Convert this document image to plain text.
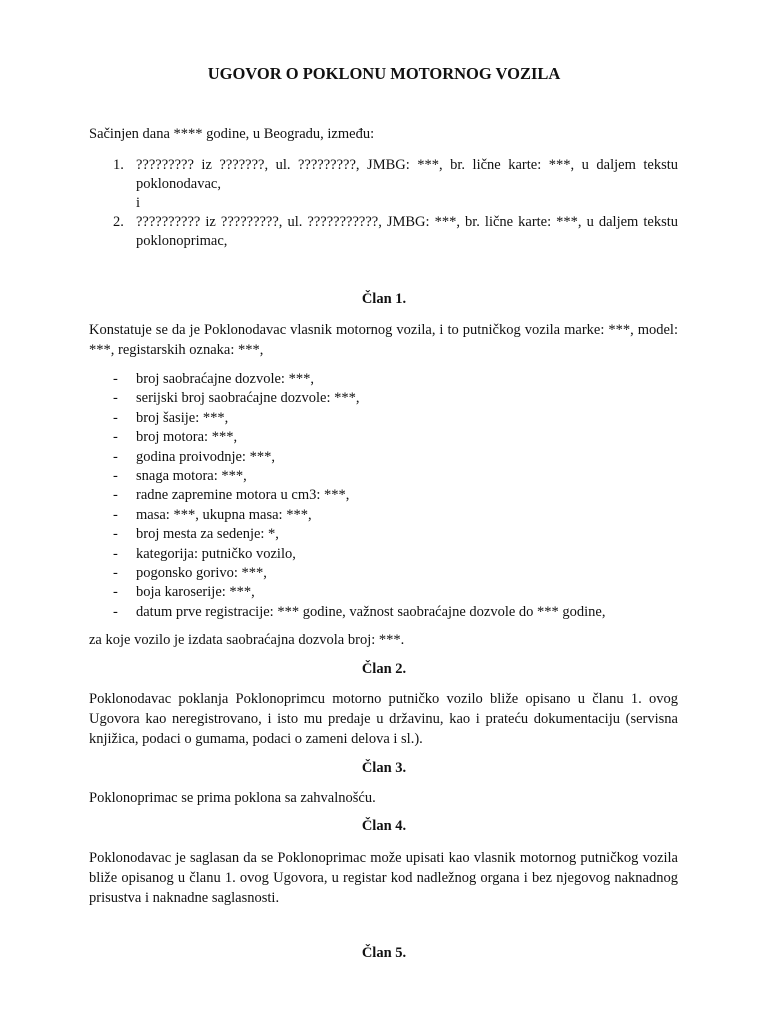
UGOVOR O POKLONU MOTORNOG VOZILA

Sačinjen dana **** godine, u Beogradu, između:

1. ????????? iz ???????, ul. ?????????, JMBG: ***, br. lične karte: ***, u daljem tekstu poklonodavac,
i
2. ?????????? iz ?????????, ul. ???????????, JMBG: ***, br. lične karte: ***, u daljem tekstu poklonoprimac,
Član 1.

Konstatuje se da je Poklonodavac vlasnik motornog vozila, i to putničkog vozila marke: ***, model: ***, registarskih oznaka: ***,

- broj saobraćajne dozvole: ***,
- serijski broj saobraćajne dozvole: ***,
- broj šasije: ***,
- broj motora: ***,
- godina proivodnje: ***,
- snaga motora: ***,
- radne zapremine motora u cm3: ***,
- masa: ***, ukupna masa: ***,
- broj mesta za sedenje: *,
- kategorija: putničko vozilo,
- pogonsko gorivo: ***,
- boja karoserije: ***,
- datum prve registracije: *** godine, važnost saobraćajne dozvole do *** godine,

za koje vozilo je izdata saobraćajna dozvola broj: ***.

Član 2.

Poklonodavac poklanja Poklonoprimcu motorno putničko vozilo bliže opisano u članu 1. ovog Ugovora kao neregistrovano, i isto mu predaje u državinu, kao i prateću dokumentaciju (servisna knjižica, podaci o gumama, podaci o zameni delova i sl.).

Član 3.

Poklonoprimac se prima poklona sa zahvalnošću.

Član 4.

Poklonodavac je saglasan da se Poklonoprimac može upisati kao vlasnik motornog putničkog vozila bliže opisanog u članu 1. ovog Ugovora, u registar kod nadležnog organa i bez njegovog naknadnog prisustva i naknadne saglasnosti.

Član 5.
